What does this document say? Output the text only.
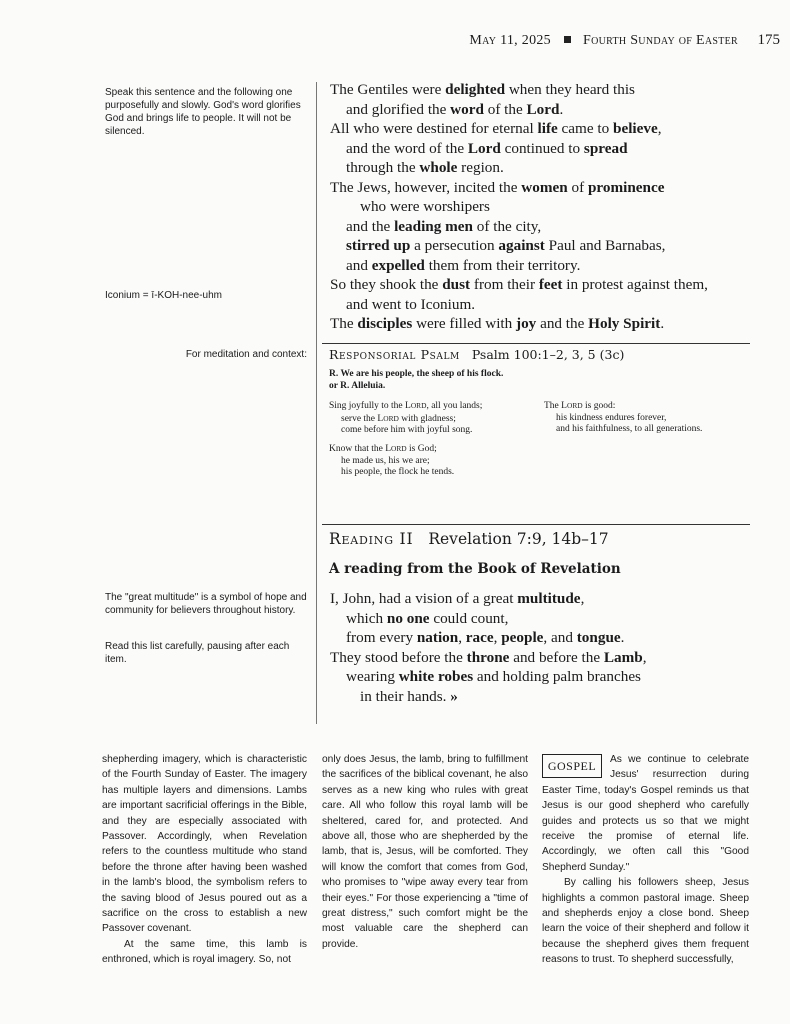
May 11, 2025 Fourth Sunday of Easter 175
Speak this sentence and the following one purposefully and slowly. God's word glorifies God and brings life to people. It will not be silenced.
Iconium = ī-KOH-nee-uhm
For meditation and context:
The "great multitude" is a symbol of hope and community for believers throughout history.
Read this list carefully, pausing after each item.
The Gentiles were delighted when they heard this
and glorified the word of the Lord.
All who were destined for eternal life came to believe,
and the word of the Lord continued to spread
through the whole region.
The Jews, however, incited the women of prominence
who were worshipers
and the leading men of the city,
stirred up a persecution against Paul and Barnabas,
and expelled them from their territory.
So they shook the dust from their feet in protest against them,
and went to Iconium.
The disciples were filled with joy and the Holy Spirit.
Responsorial Psalm Psalm 100:1–2, 3, 5 (3c)
R. We are his people, the sheep of his flock.
or R. Alleluia.
Sing joyfully to the LORD, all you lands;
serve the LORD with gladness;
come before him with joyful song.
Know that the LORD is God;
he made us, his we are;
his people, the flock he tends.
The LORD is good:
his kindness endures forever,
and his faithfulness, to all generations.
Reading II Revelation 7:9, 14b–17
A reading from the Book of Revelation
I, John, had a vision of a great multitude,
which no one could count,
from every nation, race, people, and tongue.
They stood before the throne and before the Lamb,
wearing white robes and holding palm branches
in their hands. »

shepherding imagery, which is characteristic of the Fourth Sunday of Easter. The imagery has multiple layers and dimensions. Lambs are important sacrificial offerings in the Bible, and they are especially associated with Passover. Accordingly, when Revelation refers to the countless multitude who stand before the throne after having been washed in the lamb's blood, the symbolism refers to the saving blood of Jesus poured out as a sacrifice on the cross to establish a new Passover covenant.

At the same time, this lamb is enthroned, which is royal imagery. So, not

only does Jesus, the lamb, bring to fulfillment the sacrifices of the biblical covenant, he also serves as a new king who rules with great care. All who follow this royal lamb will be sheltered, cared for, and protected. And above all, those who are shepherded by the lamb, that is, Jesus, will be comforted. They will know the comfort that comes from God, who promises to "wipe away every tear from their eyes." For those experiencing a "time of great distress," such comfort might be the most valuable care the shepherd can provide.

GOSPEL	As we continue to celebrate Jesus' resurrection during Easter Time, today's Gospel reminds us that Jesus is our good shepherd who carefully guides and protects us so that we might receive the promise of eternal life. Accordingly, we often call this "Good Shepherd Sunday."

By calling his followers sheep, Jesus highlights a common pastoral image. Sheep and shepherds enjoy a close bond. Sheep learn the voice of their shepherd and follow it because the shepherd gives them frequent reasons to trust. To shepherd successfully,
